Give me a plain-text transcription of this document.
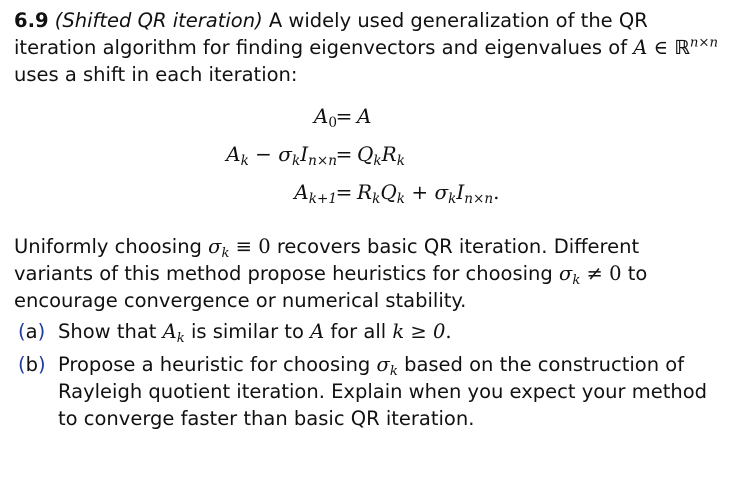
6.9 (Shifted QR iteration) A widely used generalization of the QR iteration algorithm for finding eigenvectors and eigenvalues of A ∈ ℝ$^{n\times n}$ uses a shift in each iteration:

$A_0$
= A
$A_k - \sigma_kI_{n\times n}$
= $Q_kR_k$
$A_{k+1}$
= $R_kQ_k + \sigma_kI_{n\times n}$.

Uniformly choosing $\sigma_k \equiv 0$ recovers basic QR iteration. Different variants of this method propose heuristics for choosing $\sigma_k \ne 0$ to encourage convergence or numerical stability.

(a) Show that $A_k$ is similar to A for all k ≥ 0.
(b) Propose a heuristic for choosing $\sigma_k$ based on the construction of Rayleigh quotient iteration. Explain when you expect your method to converge faster than basic QR iteration.
